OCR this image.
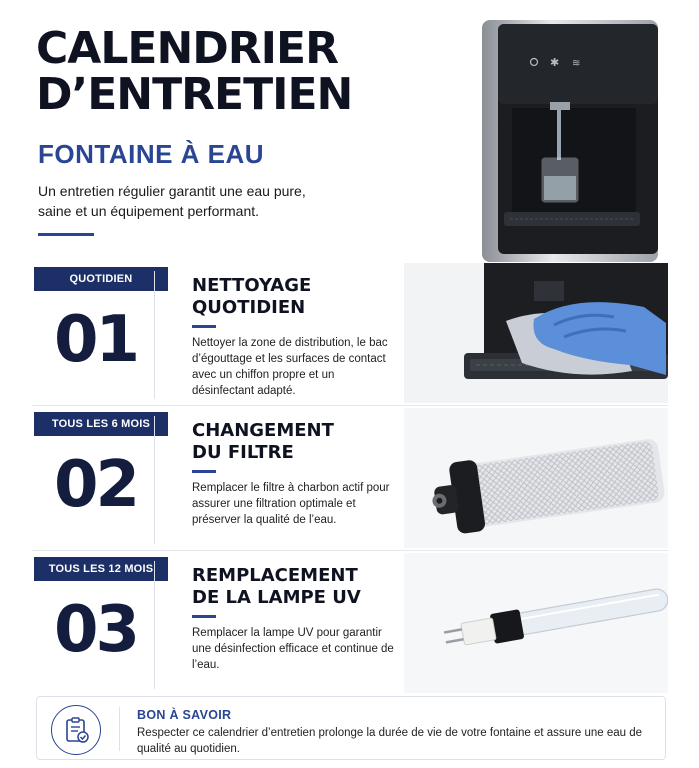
CALENDRIER
D’ENTRETIEN
FONTAINE À EAU
Un entretien régulier garantit une eau pure, saine et un équipement performant.
✱ ≋
QUOTIDIEN
01
NETTOYAGE
QUOTIDIEN
Nettoyer la zone de distribution, le bac d’égouttage et les surfaces de contact avec un chiffon propre et un désinfectant adapté.
TOUS LES 6 MOIS
02
CHANGEMENT
DU FILTRE
Remplacer le filtre à charbon actif pour assurer une filtration optimale et préserver la qualité de l’eau.
TOUS LES 12 MOIS
03
REMPLACEMENT
DE LA LAMPE UV
Remplacer la lampe UV pour garantir une désinfection efficace et continue de l’eau.
BON À SAVOIR
Respecter ce calendrier d’entretien prolonge la durée de vie de votre fontaine et assure une eau de qualité au quotidien.
